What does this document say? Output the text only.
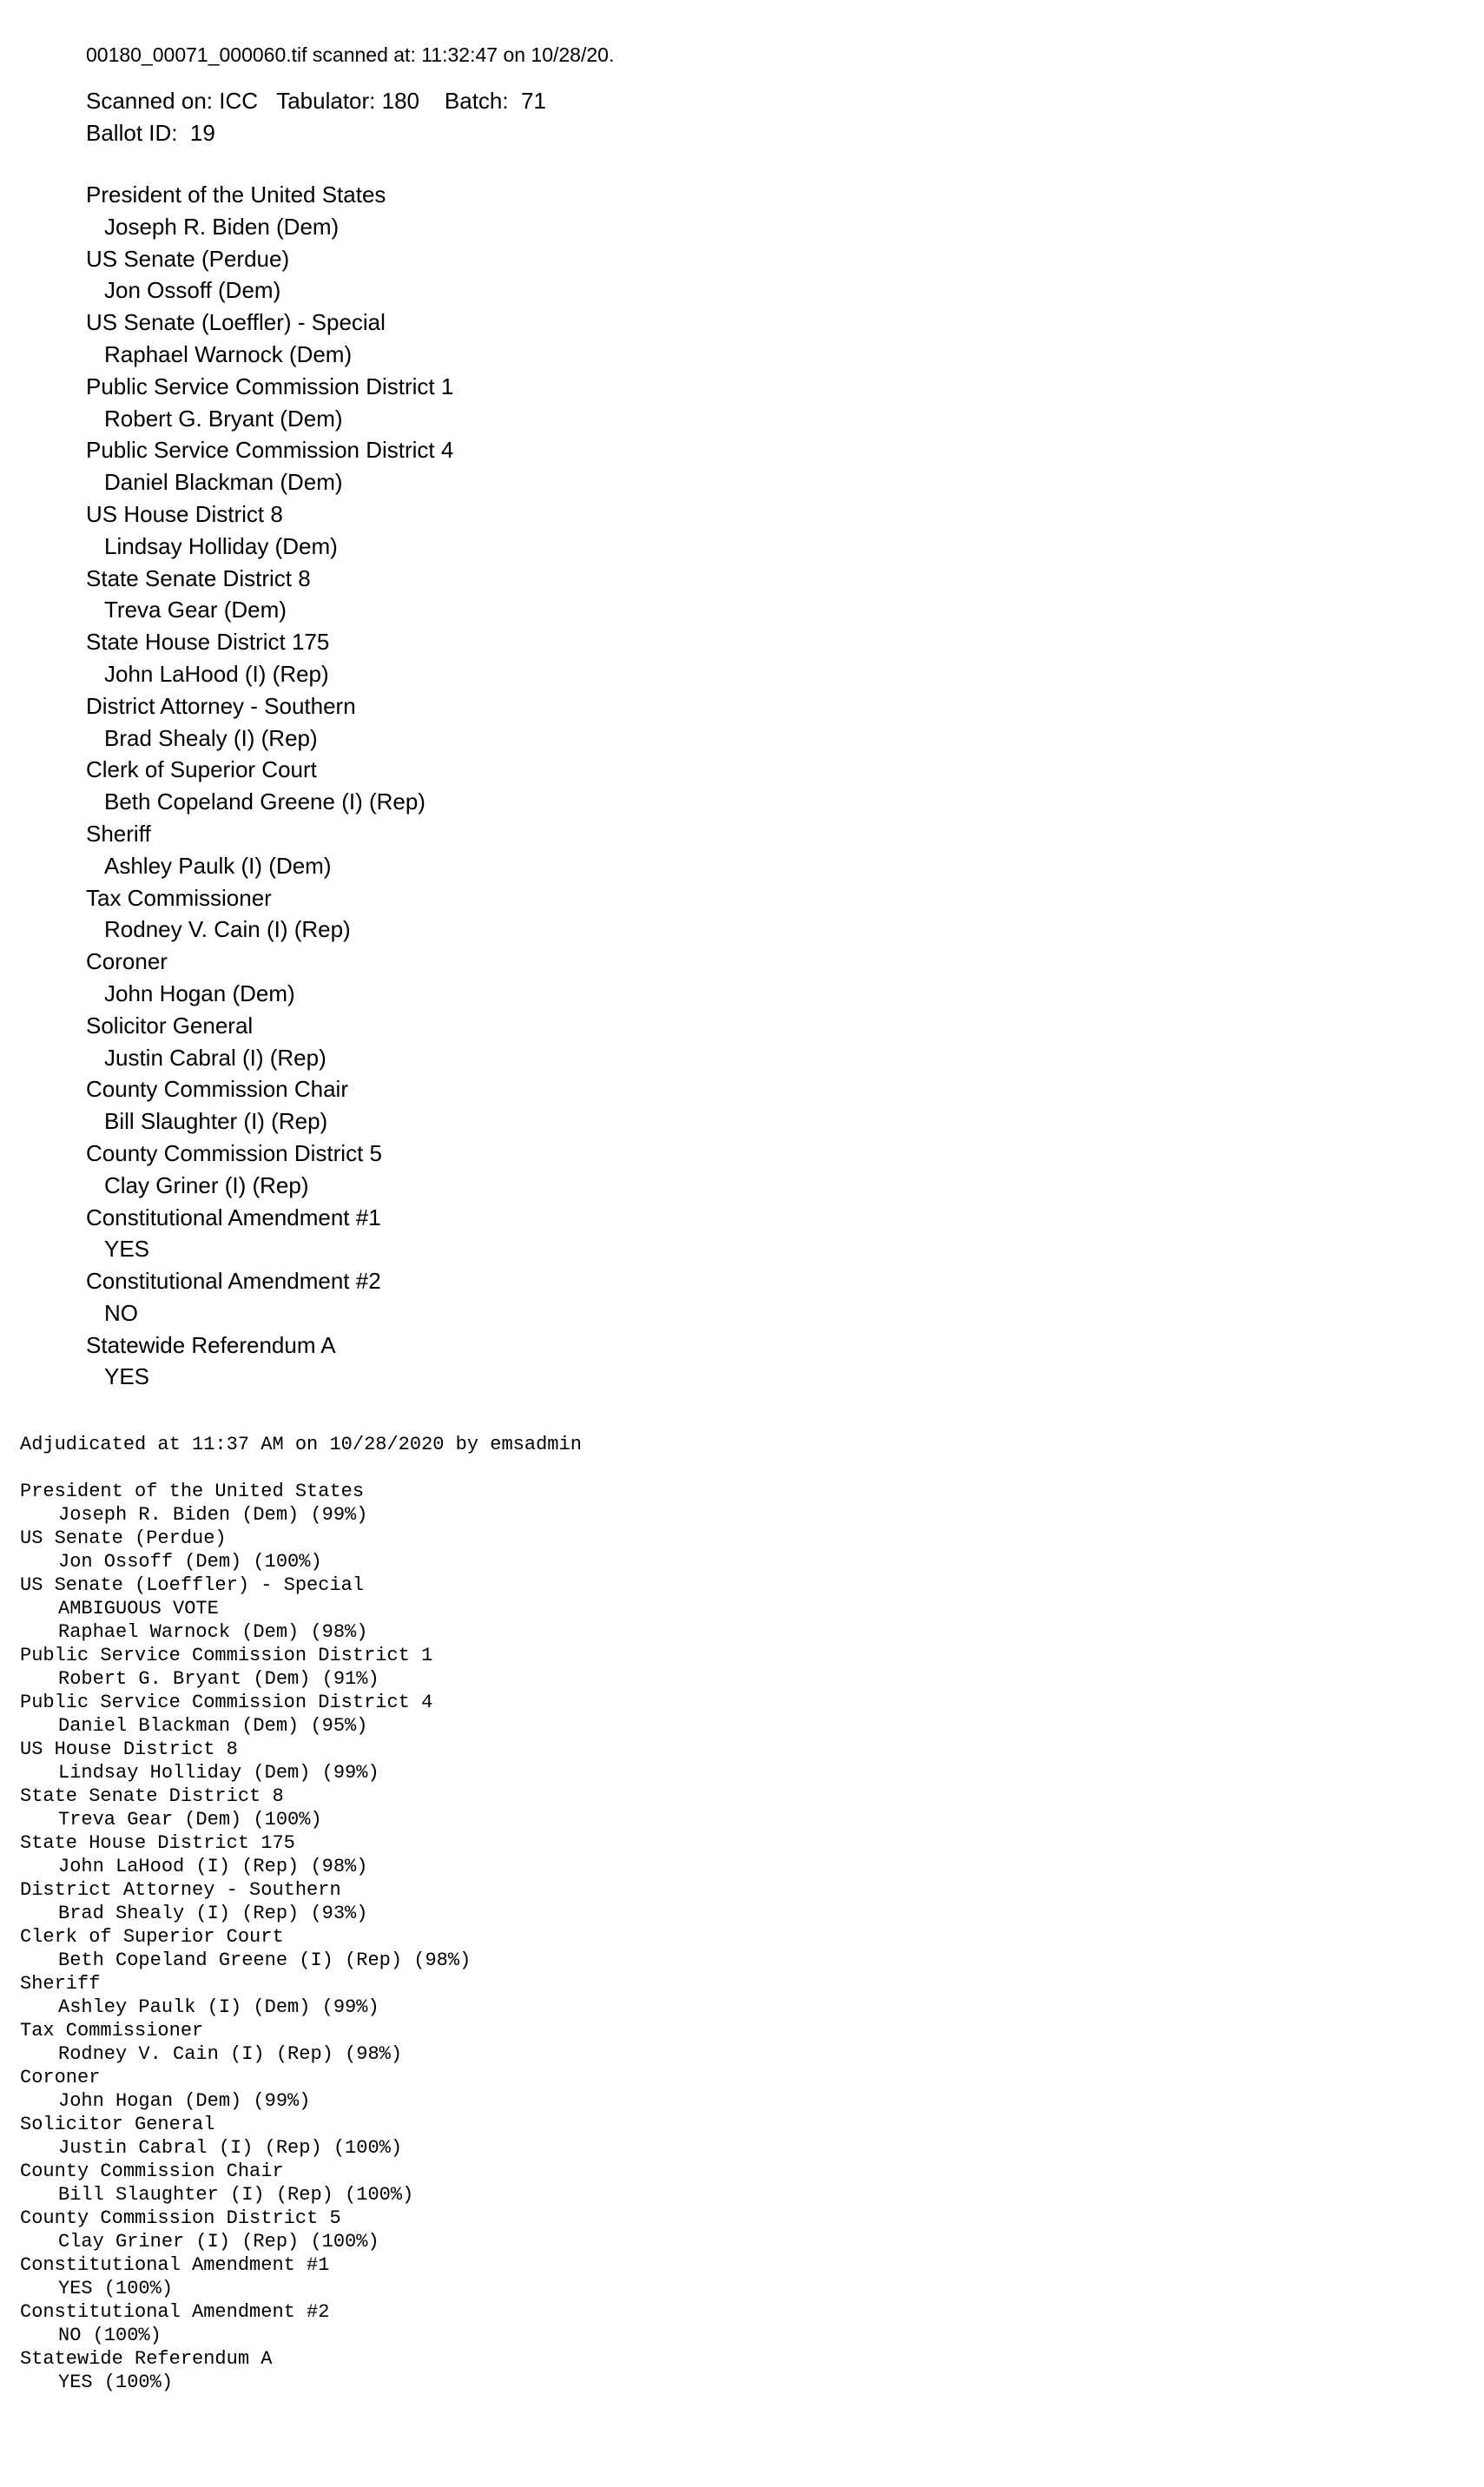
00180_00071_000060.tif scanned at: 11:32:47 on 10/28/20.
Scanned on: ICC   Tabulator: 180    Batch:  71
Ballot ID:  19
President of the United States
Joseph R. Biden (Dem)
US Senate (Perdue)
Jon Ossoff (Dem)
US Senate (Loeffler) - Special
Raphael Warnock (Dem)
Public Service Commission District 1
Robert G. Bryant (Dem)
Public Service Commission District 4
Daniel Blackman (Dem)
US House District 8
Lindsay Holliday (Dem)
State Senate District 8
Treva Gear (Dem)
State House District 175
John LaHood (I) (Rep)
District Attorney - Southern
Brad Shealy (I) (Rep)
Clerk of Superior Court
Beth Copeland Greene (I) (Rep)
Sheriff
Ashley Paulk (I) (Dem)
Tax Commissioner
Rodney V. Cain (I) (Rep)
Coroner
John Hogan (Dem)
Solicitor General
Justin Cabral (I) (Rep)
County Commission Chair
Bill Slaughter (I) (Rep)
County Commission District 5
Clay Griner (I) (Rep)
Constitutional Amendment #1
YES
Constitutional Amendment #2
NO
Statewide Referendum A
YES
Adjudicated at 11:37 AM on 10/28/2020 by emsadmin
President of the United States
Joseph R. Biden (Dem) (99%)
US Senate (Perdue)
Jon Ossoff (Dem) (100%)
US Senate (Loeffler) - Special
AMBIGUOUS VOTE
Raphael Warnock (Dem) (98%)
Public Service Commission District 1
Robert G. Bryant (Dem) (91%)
Public Service Commission District 4
Daniel Blackman (Dem) (95%)
US House District 8
Lindsay Holliday (Dem) (99%)
State Senate District 8
Treva Gear (Dem) (100%)
State House District 175
John LaHood (I) (Rep) (98%)
District Attorney - Southern
Brad Shealy (I) (Rep) (93%)
Clerk of Superior Court
Beth Copeland Greene (I) (Rep) (98%)
Sheriff
Ashley Paulk (I) (Dem) (99%)
Tax Commissioner
Rodney V. Cain (I) (Rep) (98%)
Coroner
John Hogan (Dem) (99%)
Solicitor General
Justin Cabral (I) (Rep) (100%)
County Commission Chair
Bill Slaughter (I) (Rep) (100%)
County Commission District 5
Clay Griner (I) (Rep) (100%)
Constitutional Amendment #1
YES (100%)
Constitutional Amendment #2
NO (100%)
Statewide Referendum A
YES (100%)
